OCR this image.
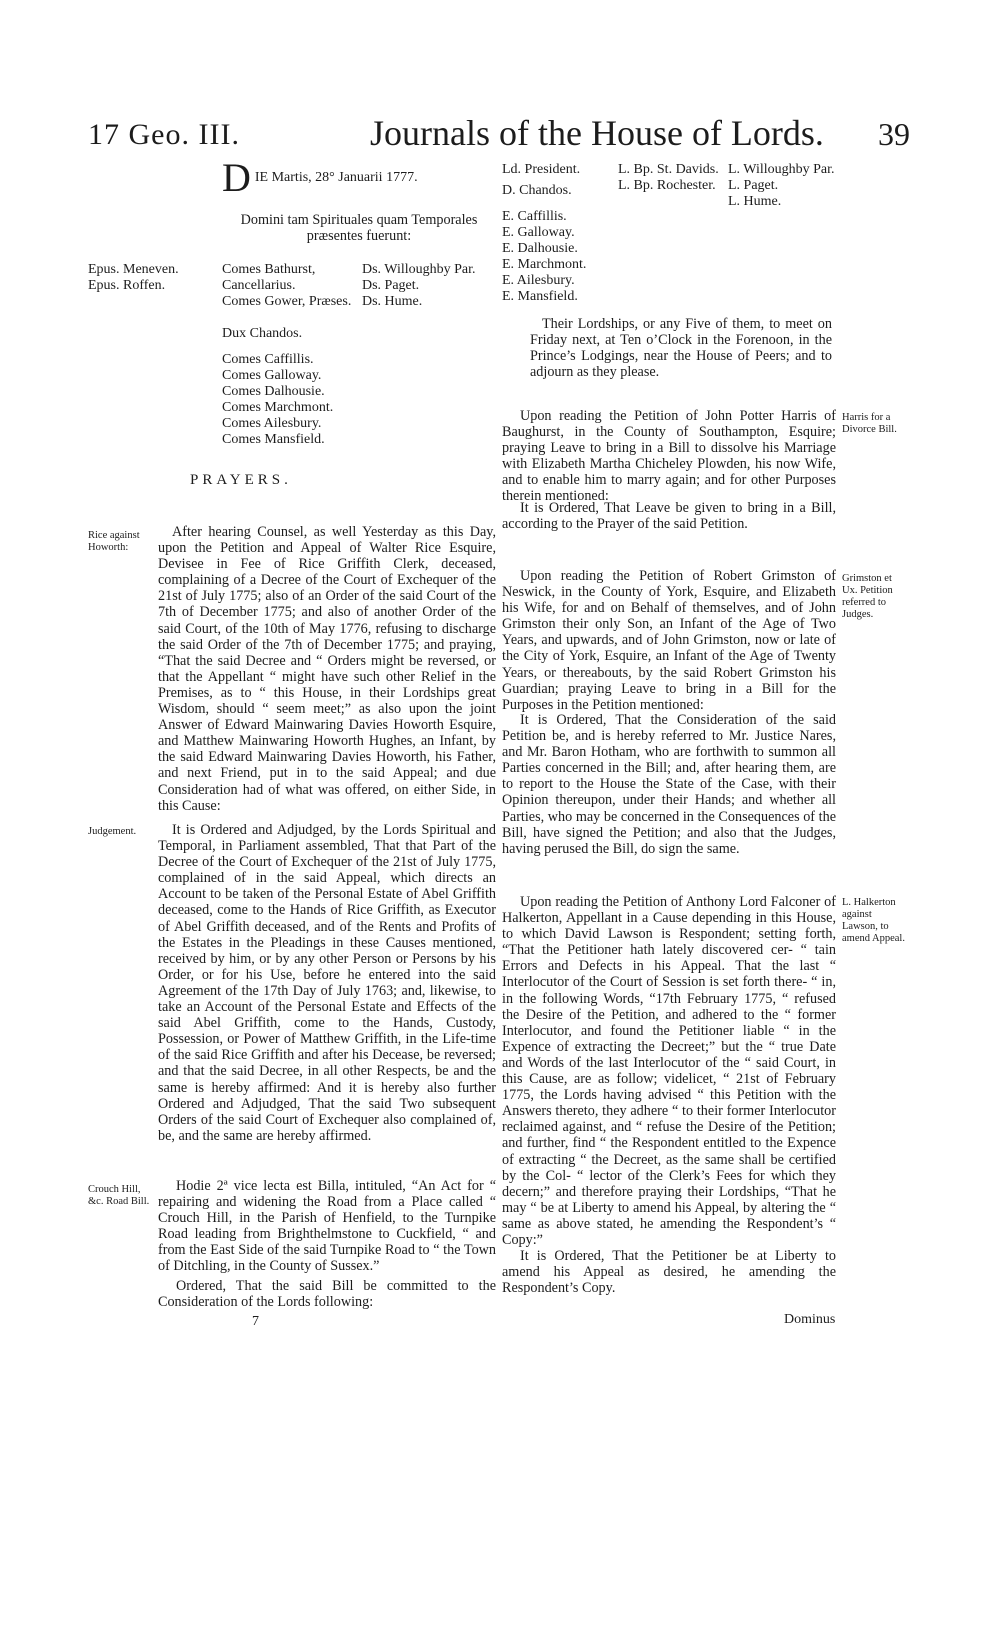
17 Geo. III.	Journals of the House of Lords. 39
D IE Martis, 28° Januarii 1777.
Domini tam Spirituales quam Temporales præsentes fuerunt:
Epus. Meneven.
Epus. Roffen.
Comes Bathurst, Cancellarius.
Comes Gower, Præses.
Dux Chandos.
Comes Caffillis.
Comes Galloway.
Comes Dalhousie.
Comes Marchmont.
Comes Ailesbury.
Comes Mansfield.
Ds. Willoughby Par.
Ds. Paget.
Ds. Hume.
PRAYERS.
Rice against Howorth:

After hearing Counsel, as well Yesterday as this Day, upon the Petition and Appeal of Walter Rice Esquire, Devisee in Fee of Rice Griffith Clerk, deceased, complaining of a Decree of the Court of Exchequer of the 21st of July 1775; also of an Order of the said Court of the 7th of December 1775; and also of another Order of the said Court, of the 10th of May 1776, refusing to discharge the said Order of the 7th of December 1775; and praying, “That the said Decree and “ Orders might be reversed, or that the Appellant “ might have such other Relief in the Premises, as to “ this House, in their Lordships great Wisdom, should “ seem meet;” as also upon the joint Answer of Edward Mainwaring Davies Howorth Esquire, and Matthew Mainwaring Howorth Hughes, an Infant, by the said Edward Mainwaring Davies Howorth, his Father, and next Friend, put in to the said Appeal; and due Consideration had of what was offered, on either Side, in this Cause:

Judgement.	It is Ordered and Adjudged, by the Lords Spiritual and Temporal, in Parliament assembled, That that Part of the Decree of the Court of Exchequer of the 21st of July 1775, complained of in the said Appeal, which directs an Account to be taken of the Personal Estate of Abel Griffith deceased, come to the Hands of Rice Griffith, as Executor of Abel Griffith deceased, and of the Rents and Profits of the Estates in the Pleadings in these Causes mentioned, received by him, or by any other Person or Persons by his Order, or for his Use, before he entered into the said Agreement of the 17th Day of July 1763; and, likewise, to take an Account of the Personal Estate and Effects of the said Abel Griffith, come to the Hands, Custody, Possession, or Power of Matthew Griffith, in the Life-time of the said Rice Griffith and after his Decease, be reversed; and that the said Decree, in all other Respects, be and the same is hereby affirmed: And it is hereby also further Ordered and Adjudged, That the said Two subsequent Orders of the said Court of Exchequer also complained of, be, and the same are hereby affirmed.

Crouch Hill, &c. Road Bill.

Hodie 2ª vice lecta est Billa, intituled, “An Act for “ repairing and widening the Road from a Place called “ Crouch Hill, in the Parish of Henfield, to the Turnpike Road leading from Brighthelmstone to Cuckfield, “ and from the East Side of the said Turnpike Road to “ the Town of Ditchling, in the County of Sussex.”

Ordered, That the said Bill be committed to the Consideration of the Lords following:

7
Ld. President.
D. Chandos.
E. Caffillis.
E. Galloway.
E. Dalhousie.
E. Marchmont.
E. Ailesbury.
E. Mansfield.
L. Bp. St. Davids.
L. Bp. Rochester.
L. Willoughby Par.
L. Paget.
L. Hume.

Their Lordships, or any Five of them, to meet on Friday next, at Ten o’Clock in the Forenoon, in the Prince’s Lodgings, near the House of Peers; and to adjourn as they please.

Upon reading the Petition of John Potter Harris of Baughurst, in the County of Southampton, Esquire; praying Leave to bring in a Bill to dissolve his Marriage with Elizabeth Martha Chicheley Plowden, his now Wife, and to enable him to marry again; and for other Purposes therein mentioned:

Harris for a Divorce Bill.

It is Ordered, That Leave be given to bring in a Bill, according to the Prayer of the said Petition.

Upon reading the Petition of Robert Grimston of Neswick, in the County of York, Esquire, and Elizabeth his Wife, for and on Behalf of themselves, and of John Grimston their only Son, an Infant of the Age of Two Years, and upwards, and of John Grimston, now or late of the City of York, Esquire, an Infant of the Age of Twenty Years, or thereabouts, by the said Robert Grimston his Guardian; praying Leave to bring in a Bill for the Purposes in the Petition mentioned:

Grimston et Ux. Petition referred to Judges.

It is Ordered, That the Consideration of the said Petition be, and is hereby referred to Mr. Justice Nares, and Mr. Baron Hotham, who are forthwith to summon all Parties concerned in the Bill; and, after hearing them, are to report to the House the State of the Case, with their Opinion thereupon, under their Hands; and whether all Parties, who may be concerned in the Consequences of the Bill, have signed the Petition; and also that the Judges, having perused the Bill, do sign the same.

Upon reading the Petition of Anthony Lord Falconer of Halkerton, Appellant in a Cause depending in this House, to which David Lawson is Respondent; setting forth, “That the Petitioner hath lately discovered cer- “ tain Errors and Defects in his Appeal. That the last “ Interlocutor of the Court of Session is set forth there- “ in, in the following Words, “17th February 1775, “ refused the Desire of the Petition, and adhered to the “ former Interlocutor, and found the Petitioner liable “ in the Expence of extracting the Decreet;” but the “ true Date and Words of the last Interlocutor of the “ said Court, in this Cause, are as follow; videlicet, “ 21st of February 1775, the Lords having advised “ this Petition with the Answers thereto, they adhere “ to their former Interlocutor reclaimed against, and “ refuse the Desire of the Petition; and further, find “ the Respondent entitled to the Expence of extracting “ the Decreet, as the same shall be certified by the Col- “ lector of the Clerk’s Fees for which they decern;” and therefore praying their Lordships, “That he may “ be at Liberty to amend his Appeal, by altering the “ same as above stated, he amending the Respondent’s “ Copy:”

L. Halkerton against Lawson, to amend Appeal.

It is Ordered, That the Petitioner be at Liberty to amend his Appeal as desired, he amending the Respondent’s Copy.

Dominus
